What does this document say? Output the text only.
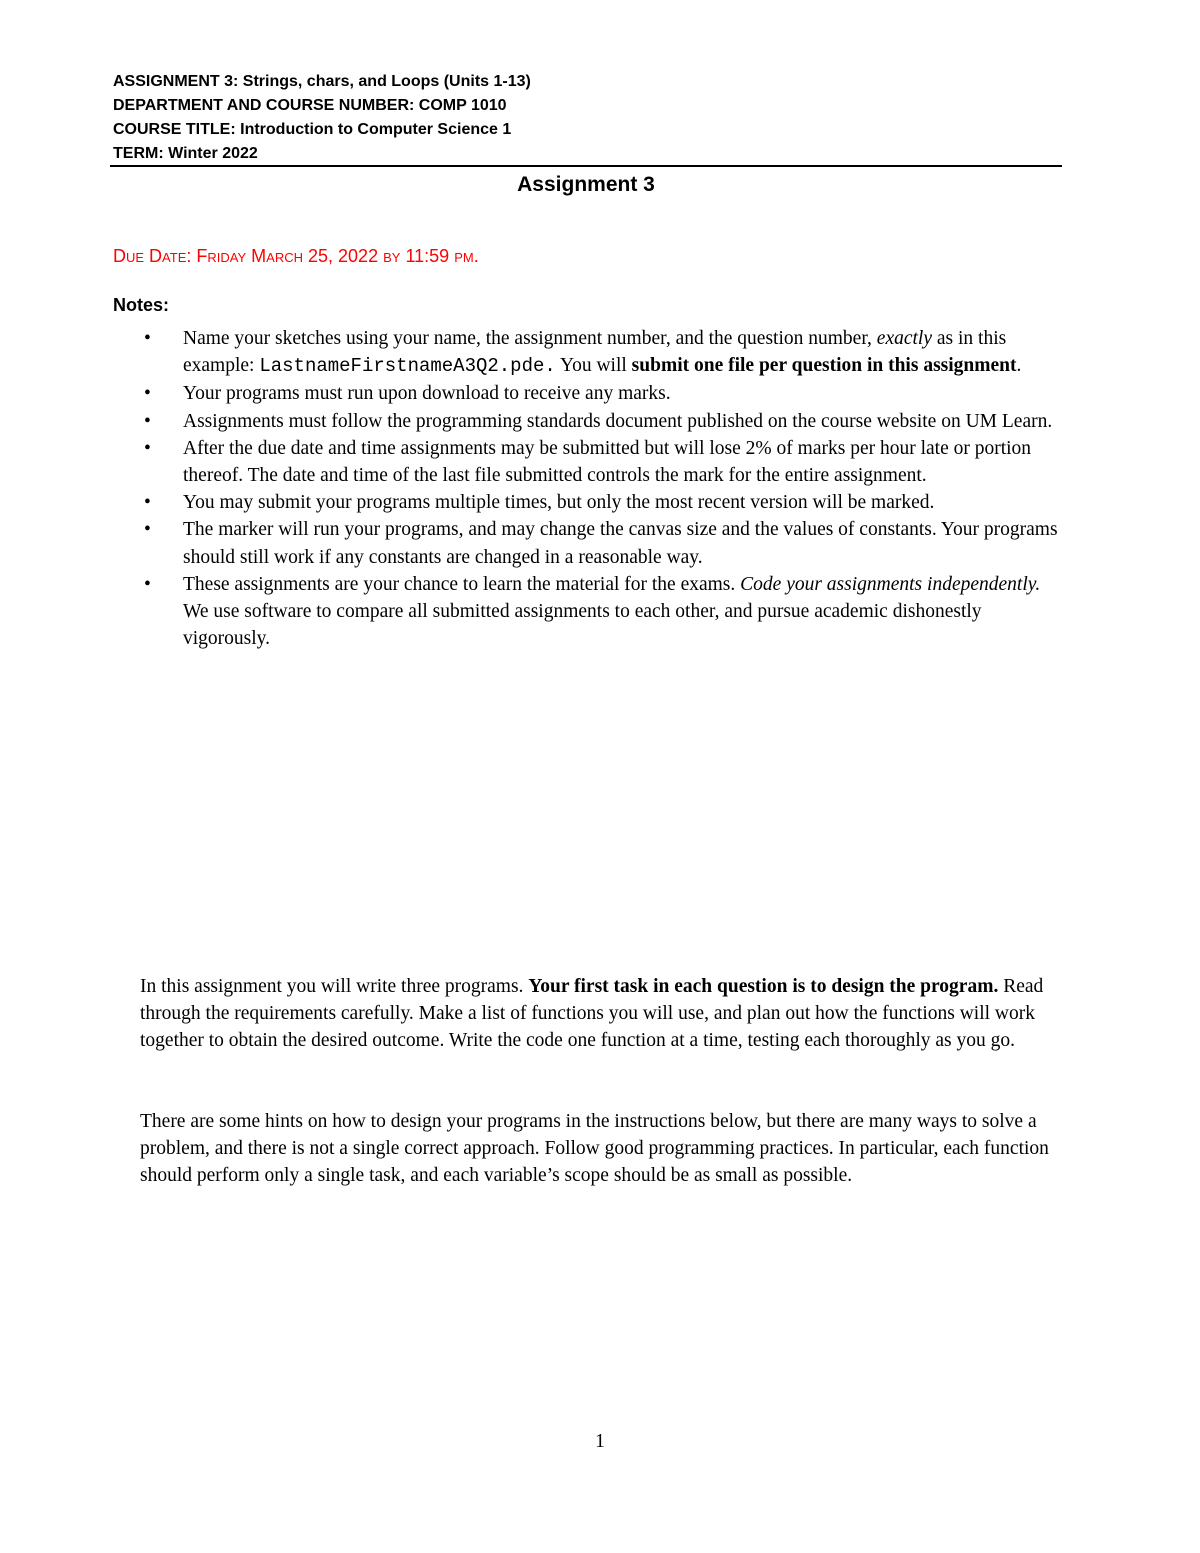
ASSIGNMENT 3: Strings, chars, and Loops (Units 1-13)
DEPARTMENT AND COURSE NUMBER: COMP 1010
COURSE TITLE: Introduction to Computer Science 1
TERM: Winter 2022
Assignment 3
Due Date: Friday March 25, 2022 by 11:59 pm.
Notes:
• Name your sketches using your name, the assignment number, and the question number, exactly as in this example: LastnameFirstnameA3Q2.pde. You will submit one file per question in this assignment.
• Your programs must run upon download to receive any marks.
• Assignments must follow the programming standards document published on the course website on UM Learn.
• After the due date and time assignments may be submitted but will lose 2% of marks per hour late or portion thereof. The date and time of the last file submitted controls the mark for the entire assignment.
• You may submit your programs multiple times, but only the most recent version will be marked.
• The marker will run your programs, and may change the canvas size and the values of constants. Your programs should still work if any constants are changed in a reasonable way.
• These assignments are your chance to learn the material for the exams. Code your assignments independently. We use software to compare all submitted assignments to each other, and pursue academic dishonestly vigorously.

In this assignment you will write three programs. Your first task in each question is to design the program. Read through the requirements carefully. Make a list of functions you will use, and plan out how the functions will work together to obtain the desired outcome. Write the code one function at a time, testing each thoroughly as you go.

There are some hints on how to design your programs in the instructions below, but there are many ways to solve a problem, and there is not a single correct approach. Follow good programming practices. In particular, each function should perform only a single task, and each variable’s scope should be as small as possible.

1
